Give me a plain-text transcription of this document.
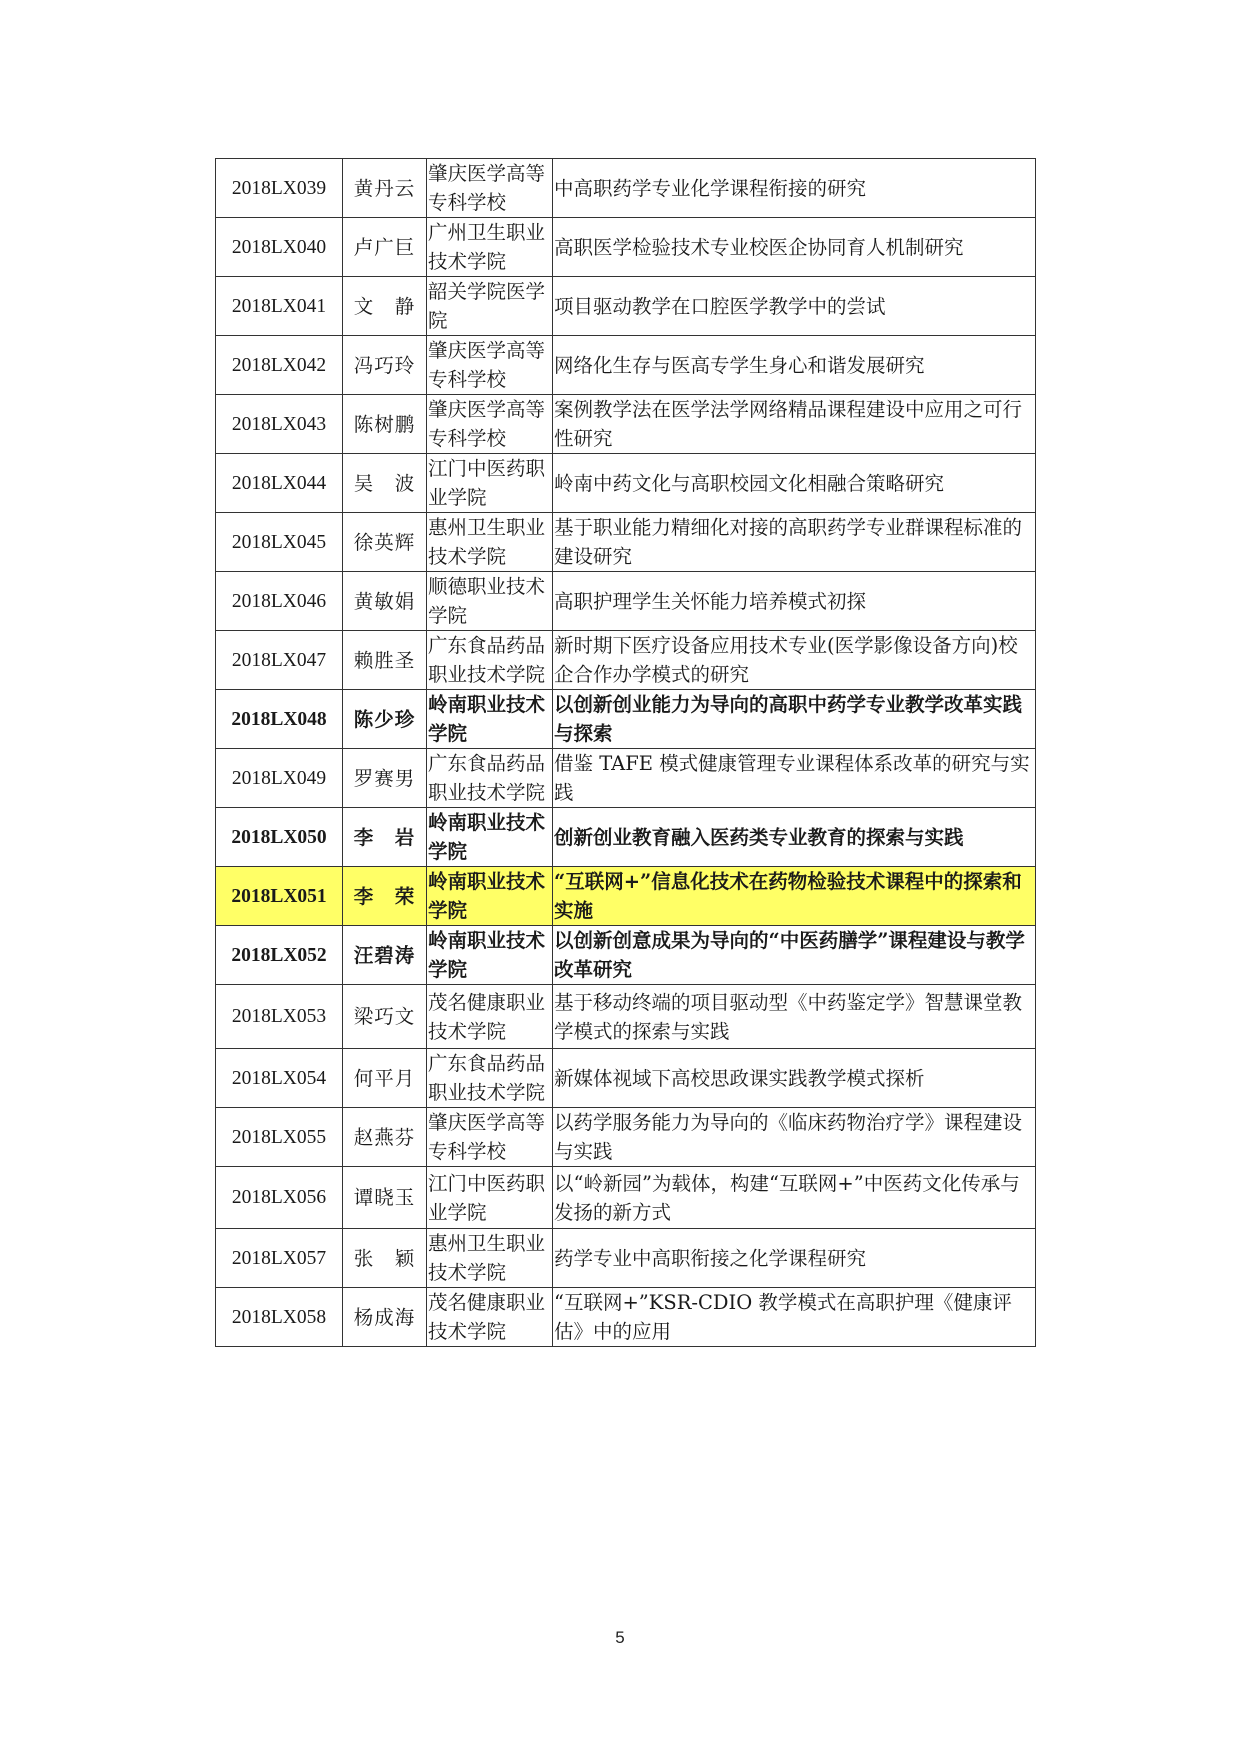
2018LX039	黄丹云	肇庆医学高等专科学校	中高职药学专业化学课程衔接的研究
2018LX040	卢广巨	广州卫生职业技术学院	高职医学检验技术专业校医企协同育人机制研究
2018LX041	文　静	韶关学院医学院	项目驱动教学在口腔医学教学中的尝试
2018LX042	冯巧玲	肇庆医学高等专科学校	网络化生存与医高专学生身心和谐发展研究
2018LX043	陈树鹏	肇庆医学高等专科学校	案例教学法在医学法学网络精品课程建设中应用之可行性研究
2018LX044	吴　波	江门中医药职业学院	岭南中药文化与高职校园文化相融合策略研究
2018LX045	徐英辉	惠州卫生职业技术学院	基于职业能力精细化对接的高职药学专业群课程标准的建设研究
2018LX046	黄敏娟	顺德职业技术学院	高职护理学生关怀能力培养模式初探
2018LX047	赖胜圣	广东食品药品职业技术学院	新时期下医疗设备应用技术专业(医学影像设备方向)校企合作办学模式的研究
2018LX048	陈少珍	岭南职业技术学院	以创新创业能力为导向的高职中药学专业教学改革实践与探索
2018LX049	罗赛男	广东食品药品职业技术学院	借鉴 TAFE 模式健康管理专业课程体系改革的研究与实践
2018LX050	李　岩	岭南职业技术学院	创新创业教育融入医药类专业教育的探索与实践
2018LX051	李　荣	岭南职业技术学院	“互联网+”信息化技术在药物检验技术课程中的探索和实施
2018LX052	汪碧涛	岭南职业技术学院	以创新创意成果为导向的“中医药膳学”课程建设与教学改革研究
2018LX053	梁巧文	茂名健康职业技术学院	基于移动终端的项目驱动型《中药鉴定学》智慧课堂教学模式的探索与实践
2018LX054	何平月	广东食品药品职业技术学院	新媒体视域下高校思政课实践教学模式探析
2018LX055	赵燕芬	肇庆医学高等专科学校	以药学服务能力为导向的《临床药物治疗学》课程建设与实践
2018LX056	谭晓玉	江门中医药职业学院	以“岭新园”为载体，构建“互联网+”中医药文化传承与发扬的新方式
2018LX057	张　颖	惠州卫生职业技术学院	药学专业中高职衔接之化学课程研究
2018LX058	杨成海	茂名健康职业技术学院	“互联网+”KSR-CDIO 教学模式在高职护理《健康评估》中的应用
5
